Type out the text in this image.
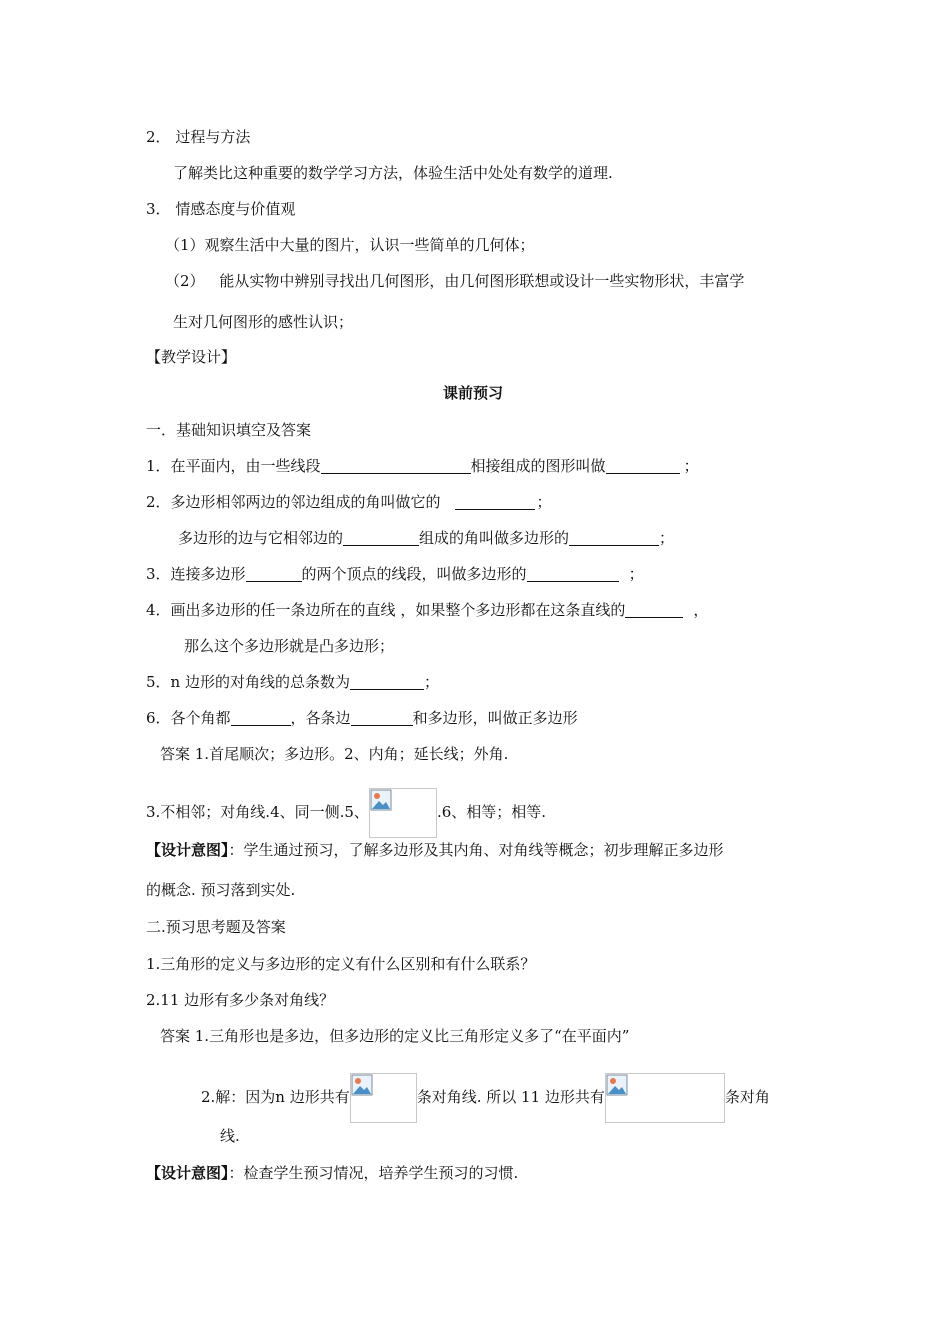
2． 过程与方法
了解类比这种重要的数学学习方法，体验生活中处处有数学的道理.
3． 情感态度与价值观
（1）观察生活中大量的图片，认识一些简单的几何体；
（2） 能从实物中辨别寻找出几何图形，由几何图形联想或设计一些实物形状，丰富学
生对几何图形的感性认识；
【教学设计】
课前预习
一．基础知识填空及答案
1．在平面内，由一些线段	相接组成的图形叫做	；
2．多边形相邻两边的邻边组成的角叫做它的	；
多边形的边与它相邻边的	组成的角叫做多边形的	；
3．连接多边形	的两个顶点的线段，叫做多边形的	；
4．画出多边形的任一条边所在的直线 ，如果整个多边形都在这条直线的	，
那么这个多边形就是凸多边形；
5．n 边形的对角线的总条数为	；
6．各个角都	，各条边	和多边形，叫做正多边形
答案 1.首尾顺次；多边形。2、内角；延长线；外角.
3.不相邻；对角线.4、同一侧.5、	.6、相等；相等.
【设计意图】：学生通过预习，了解多边形及其内角、对角线等概念；初步理解正多边形
的概念. 预习落到实处.
二.预习思考题及答案
1.三角形的定义与多边形的定义有什么区别和有什么联系？
2.11 边形有多少条对角线？
答案 1.三角形也是多边，但多边形的定义比三角形定义多了“在平面内”
2.解：因为n 边形共有	条对角线. 所以 11 边形共有	条对角
线.
【设计意图】：检查学生预习情况，培养学生预习的习惯.
